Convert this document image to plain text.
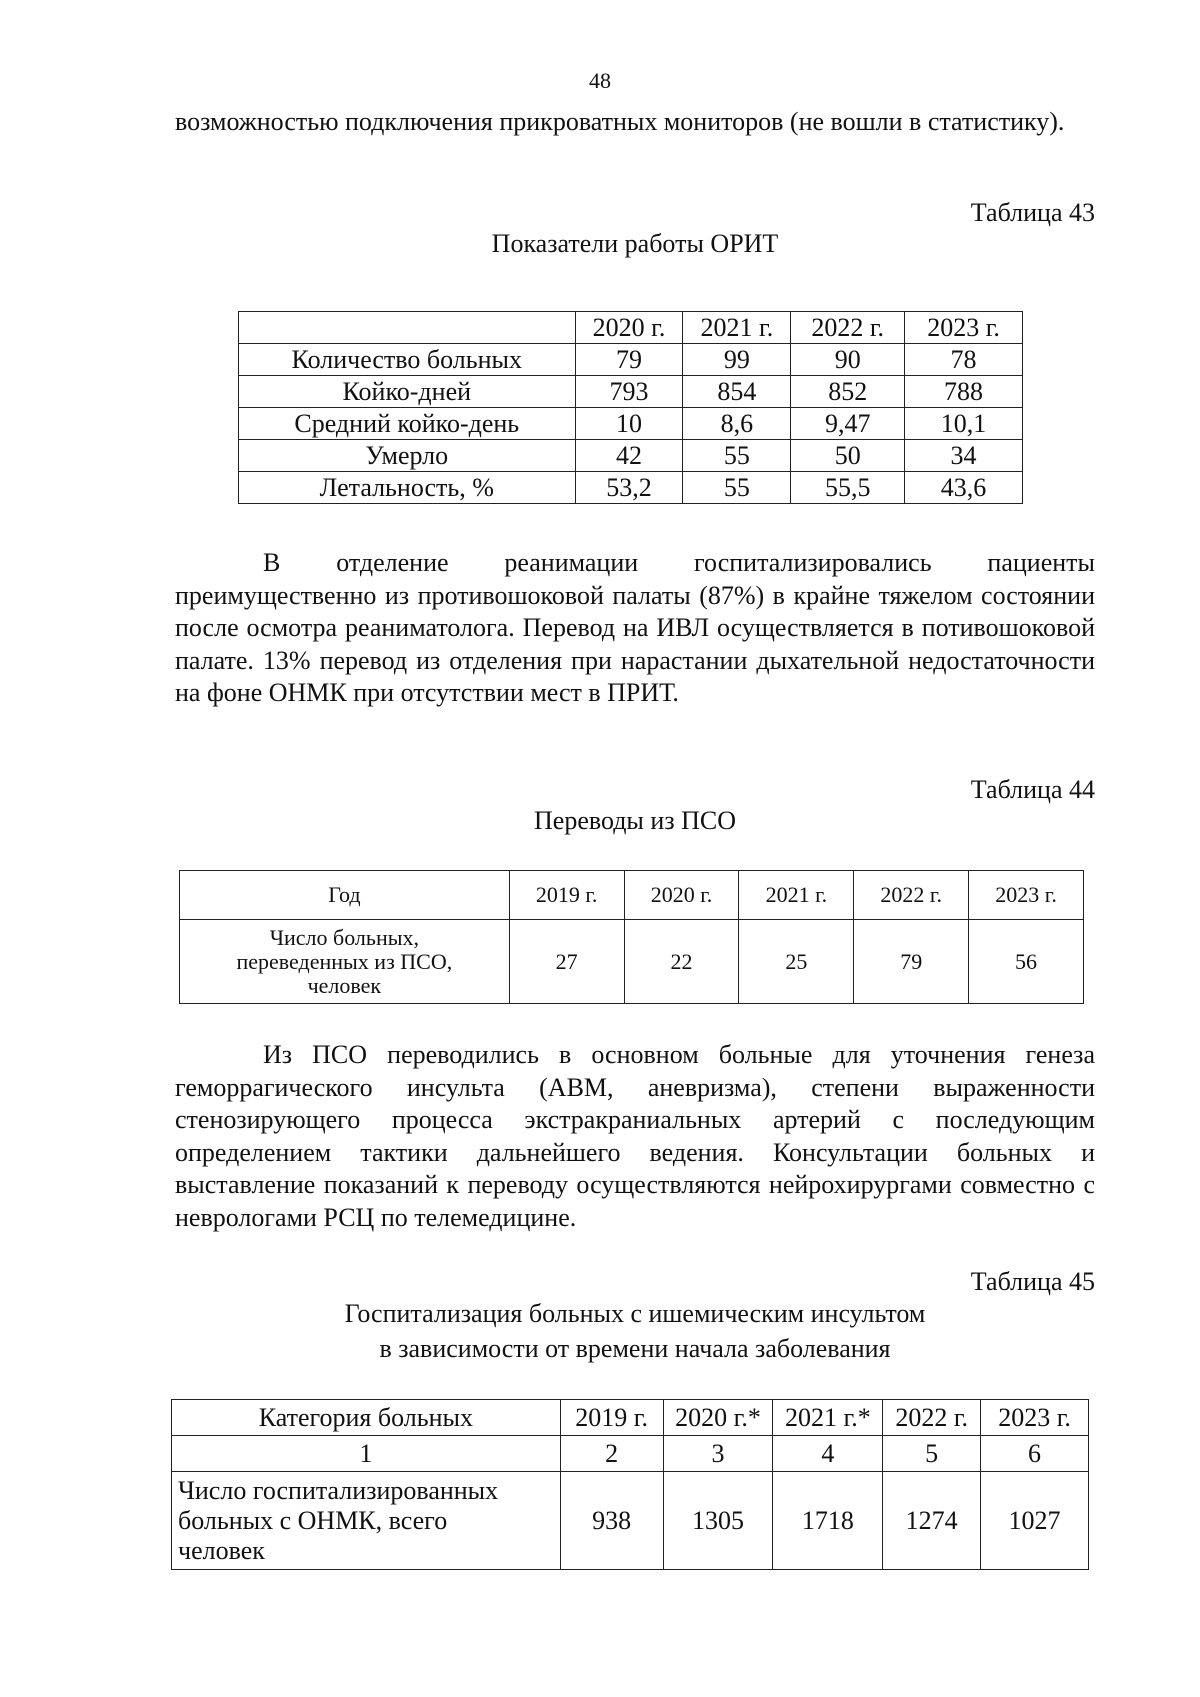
48

возможностью подключения прикроватных мониторов (не вошли в статистику).

Таблица 43
Показатели работы ОРИТ
	2020 г.	2021 г.	2022 г.	2023 г.
Количество больных	79	99	90	78
Койко-дней	793	854	852	788
Средний койко-день	10	8,6	9,47	10,1
Умерло	42	55	50	34
Летальность, %	53,2	55	55,5	43,6

В отделение реанимации госпитализировались пациенты преимущественно из противошоковой палаты (87%) в крайне тяжелом состоянии после осмотра реаниматолога. Перевод на ИВЛ осуществляется в потивошоковой палате. 13% перевод из отделения при нарастании дыхательной недостаточности на фоне ОНМК при отсутствии мест в ПРИТ.

Таблица 44
Переводы из ПСО
Год	2019 г.	2020 г.	2021 г.	2022 г.	2023 г.
Число больных, переведенных из ПСО, человек	27	22	25	79	56

Из ПСО переводились в основном больные для уточнения генеза геморрагического инсульта (АВМ, аневризма), степени выраженности стенозирующего процесса экстракраниальных артерий с последующим определением тактики дальнейшего ведения. Консультации больных и выставление показаний к переводу осуществляются нейрохирургами совместно с неврологами РСЦ по телемедицине.

Таблица 45
Госпитализация больных с ишемическим инсультом
в зависимости от времени начала заболевания
Категория больных	2019 г.	2020 г.*	2021 г.*	2022 г.	2023 г.
1	2	3	4	5	6
Число госпитализированных больных с ОНМК, всего человек	938	1305	1718	1274	1027
